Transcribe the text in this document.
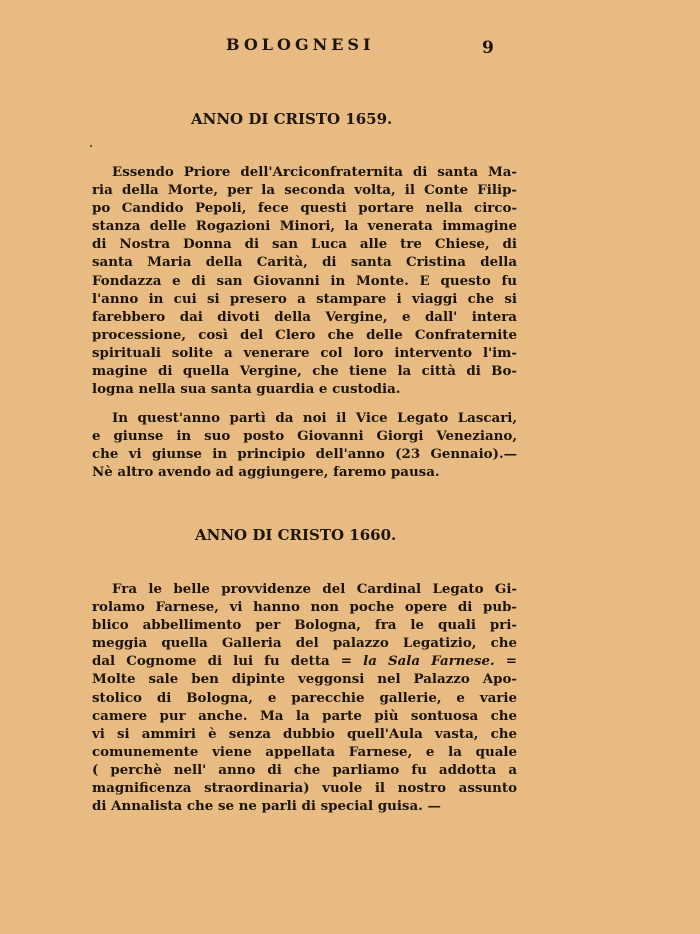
BOLOGNESI	9
ANNO DI CRISTO 1659.
Essendo Priore dell'Arciconfraternita di santa Ma-
ria della Morte, per la seconda volta, il Conte Filip-
po Candido Pepoli, fece questi portare nella circo-
stanza delle Rogazioni Minori, la venerata immagine
di Nostra Donna di san Luca alle tre Chiese, di
santa Maria della Carità, di santa Cristina della
Fondazza e di san Giovanni in Monte. E questo fu
l'anno in cui si presero a stampare i viaggi che si
farebbero dai divoti della Vergine, e dall' intera
processione, così del Clero che delle Confraternite
spirituali solite a venerare col loro intervento l'im-
magine di quella Vergine, che tiene la città di Bo-
logna nella sua santa guardia e custodia.
In quest'anno partì da noi il Vice Legato Lascari,
e giunse in suo posto Giovanni Giorgi Veneziano,
che vi giunse in principio dell'anno (23 Gennaio).—
Nè altro avendo ad aggiungere, faremo pausa.
ANNO DI CRISTO 1660.
Fra le belle provvidenze del Cardinal Legato Gi-
rolamo Farnese, vi hanno non poche opere di pub-
blico abbellimento per Bologna, fra le quali pri-
meggia quella Galleria del palazzo Legatizio, che
dal Cognome di lui fu detta = la Sala Farnese. =
Molte sale ben dipinte veggonsi nel Palazzo Apo-
stolico di Bologna, e parecchie gallerie, e varie
camere pur anche. Ma la parte più sontuosa che
vi si ammiri è senza dubbio quell'Aula vasta, che
comunemente viene appellata Farnese, e la quale
( perchè nell' anno di che parliamo fu addotta a
magnificenza straordinaria) vuole il nostro assunto
di Annalista che se ne parli di special guisa. —
